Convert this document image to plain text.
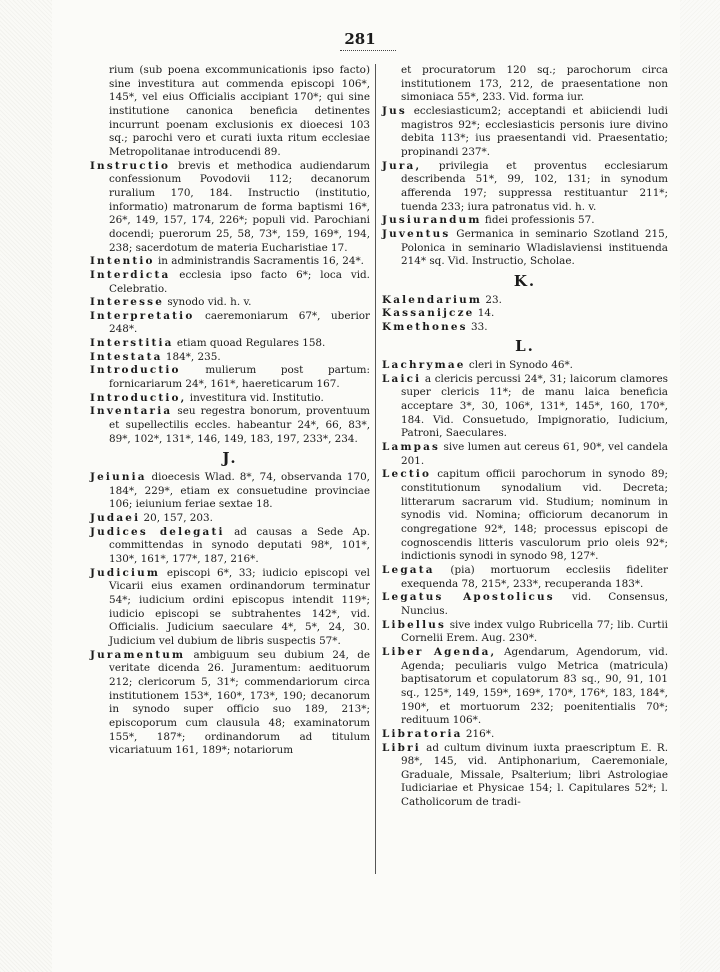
281

rium (sub poena excommunicationis ipso facto) sine investitura aut commenda episcopi 106*, 145*, vel eius Officialis accipiant 170*; qui sine institutione canonica beneficia detinentes incurrunt poenam exclusionis ex dioecesi 103 sq.; parochi vero et curati iuxta ritum ecclesiae Metropolitanae introducendi 89.

Instructio brevis et methodica audiendarum confessionum Povodovii 112; decanorum ruralium 170, 184. Instructio (institutio, informatio) matronarum de forma baptismi 16*, 26*, 149, 157, 174, 226*; populi vid. Parochiani docendi; puerorum 25, 58, 73*, 159, 169*, 194, 238; sacerdotum de materia Eucharistiae 17.

Intentio in administrandis Sacramentis 16, 24*.

Interdicta ecclesia ipso facto 6*; loca vid. Celebratio.

Interesse synodo vid. h. v.

Interpretatio caeremoniarum 67*, uberior 248*.

Interstitia etiam quoad Regulares 158.

Intestata 184*, 235.

Introductio mulierum post partum: fornicariarum 24*, 161*, haereticarum 167.

Introductio, investitura vid. Institutio.

Inventaria seu regestra bonorum, proventuum et supellectilis eccles. habeantur 24*, 66, 83*, 89*, 102*, 131*, 146, 149, 183, 197, 233*, 234.

J.

Jeiunia dioecesis Wlad. 8*, 74, observanda 170, 184*, 229*, etiam ex consuetudine provinciae 106; ieiunium feriae sextae 18.

Judaei 20, 157, 203.

Judices delegati ad causas a Sede Ap. committendas in synodo deputati 98*, 101*, 130*, 161*, 177*, 187, 216*.

Judicium episcopi 6*, 33; iudicio episcopi vel Vicarii eius examen ordinandorum terminatur 54*; iudicium ordini episcopus intendit 119*; iudicio episcopi se subtrahentes 142*, vid. Officialis. Judicium saeculare 4*, 5*, 24, 30. Judicium vel dubium de libris suspectis 57*.

Juramentum ambiguum seu dubium 24, de veritate dicenda 26. Juramentum: aedituorum 212; clericorum 5, 31*; commendariorum circa institutionem 153*, 160*, 173*, 190; decanorum in synodo super officio suo 189, 213*; episcoporum cum clausula 48; examinatorum 155*, 187*; ordinandorum ad titulum vicariatuum 161, 189*; notariorum

et procuratorum 120 sq.; parochorum circa institutionem 173, 212, de praesentatione non simoniaca 55*, 233. Vid. forma iur.

Jus ecclesiasticum2; acceptandi et abiiciendi ludi magistros 92*; ecclesiasticis personis iure divino debita 113*; ius praesentandi vid. Praesentatio; propinandi 237*.

Jura, privilegia et proventus ecclesiarum describenda 51*, 99, 102, 131; in synodum afferenda 197; suppressa restituantur 211*; tuenda 233; iura patronatus vid. h. v.

Jusiurandum fidei professionis 57.

Juventus Germanica in seminario Szotland 215, Polonica in seminario Wladislaviensi instituenda 214* sq. Vid. Instructio, Scholae.

K.

Kalendarium 23.

Kassanijcze 14.

Kmethones 33.

L.

Lachrymae cleri in Synodo 46*.

Laici a clericis percussi 24*, 31; laicorum clamores super clericis 11*; de manu laica beneficia acceptare 3*, 30, 106*, 131*, 145*, 160, 170*, 184. Vid. Consuetudo, Impignoratio, Iudicium, Patroni, Saeculares.

Lampas sive lumen aut cereus 61, 90*, vel candela 201.

Lectio capitum officii parochorum in synodo 89; constitutionum synodalium vid. Decreta; litterarum sacrarum vid. Studium; nominum in synodis vid. Nomina; officiorum decanorum in congregatione 92*, 148; processus episcopi de cognoscendis litteris vasculorum prio oleis 92*; indictionis synodi in synodo 98, 127*.

Legata (pia) mortuorum ecclesiis fideliter exequenda 78, 215*, 233*, recuperanda 183*.

Legatus Apostolicus vid. Consensus, Nuncius.

Libellus sive index vulgo Rubricella 77; lib. Curtii Cornelii Erem. Aug. 230*.

Liber Agenda, Agendarum, Agendorum, vid. Agenda; peculiaris vulgo Metrica (matricula) baptisatorum et copulatorum 83 sq., 90, 91, 101 sq., 125*, 149, 159*, 169*, 170*, 176*, 183, 184*, 190*, et mortuorum 232; poenitentialis 70*; redituum 106*.

Libratoria 216*.

Libri ad cultum divinum iuxta praescriptum E. R. 98*, 145, vid. Antiphonarium, Caeremoniale, Graduale, Missale, Psalterium; libri Astrologiae Iudiciariae et Physicae 154; l. Capitulares 52*; l. Catholicorum de tradi-
